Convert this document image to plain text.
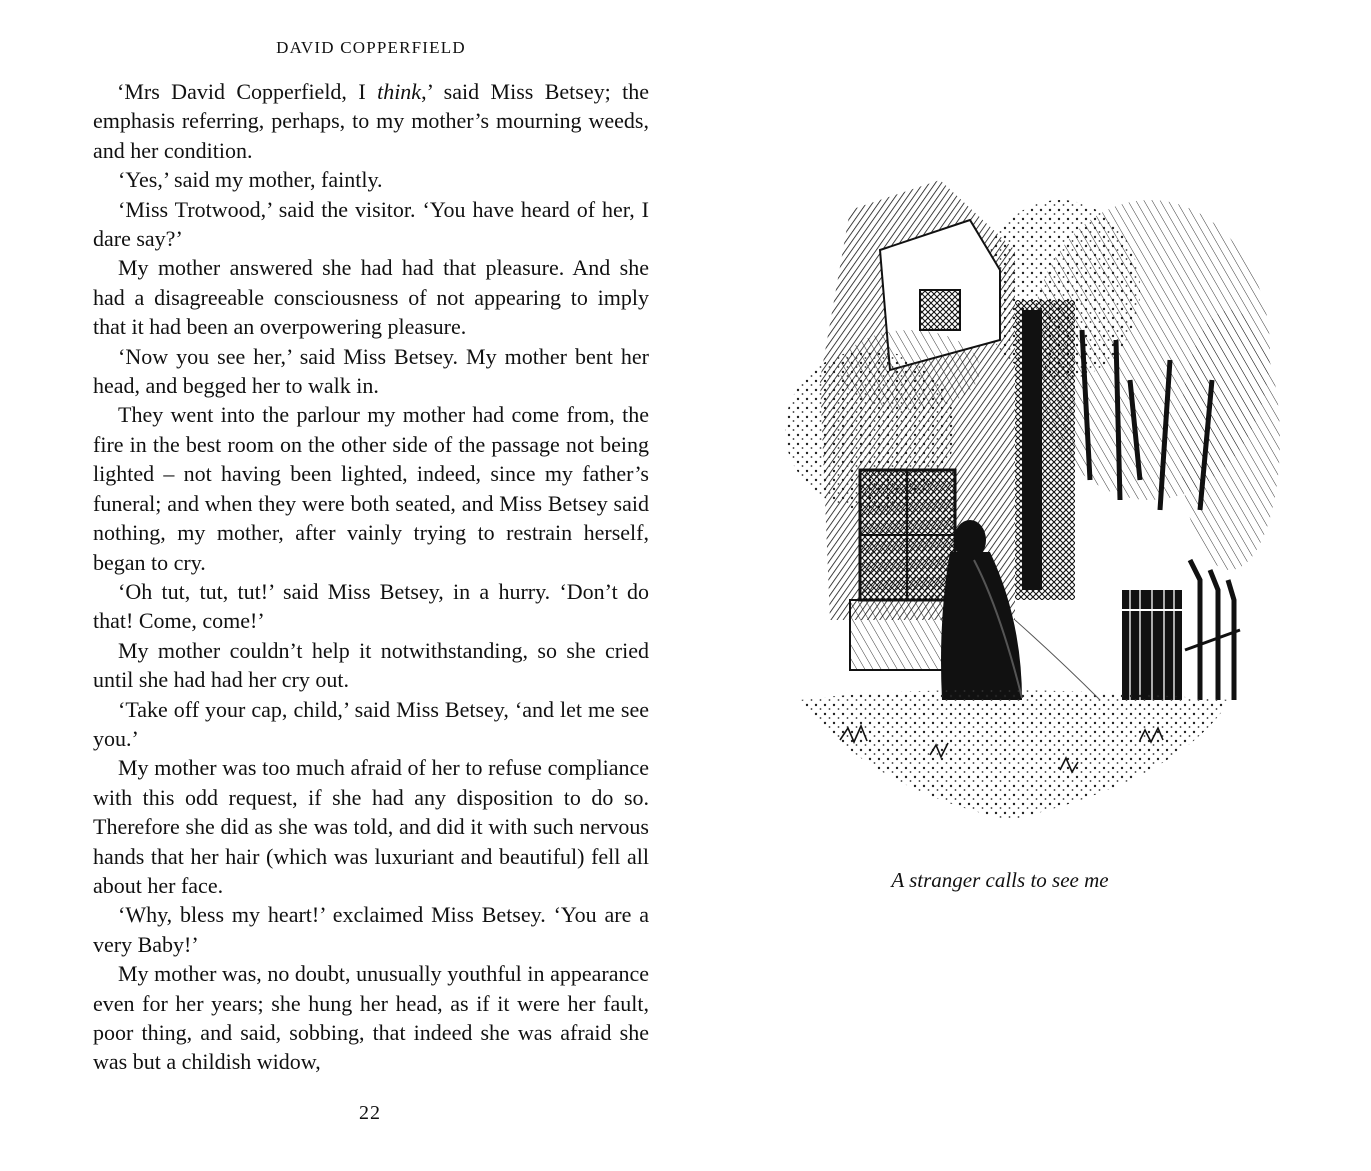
DAVID COPPERFIELD

‘Mrs David Copperfield, I think,’ said Miss Betsey; the emphasis referring, perhaps, to my mother’s mourning weeds, and her condition.

‘Yes,’ said my mother, faintly.

‘Miss Trotwood,’ said the visitor. ‘You have heard of her, I dare say?’

My mother answered she had had that pleasure. And she had a disagreeable consciousness of not appearing to imply that it had been an overpowering pleasure.

‘Now you see her,’ said Miss Betsey. My mother bent her head, and begged her to walk in.

They went into the parlour my mother had come from, the fire in the best room on the other side of the passage not being lighted – not having been lighted, indeed, since my father’s funeral; and when they were both seated, and Miss Betsey said nothing, my mother, after vainly trying to restrain herself, began to cry.

‘Oh tut, tut, tut!’ said Miss Betsey, in a hurry. ‘Don’t do that! Come, come!’

My mother couldn’t help it notwithstanding, so she cried until she had had her cry out.

‘Take off your cap, child,’ said Miss Betsey, ‘and let me see you.’

My mother was too much afraid of her to refuse compliance with this odd request, if she had any disposition to do so. Therefore she did as she was told, and did it with such nervous hands that her hair (which was luxuriant and beautiful) fell all about her face.

‘Why, bless my heart!’ exclaimed Miss Betsey. ‘You are a very Baby!’

My mother was, no doubt, unusually youthful in appearance even for her years; she hung her head, as if it were her fault, poor thing, and said, sobbing, that indeed she was afraid she was but a childish widow,

22
A stranger calls to see me
